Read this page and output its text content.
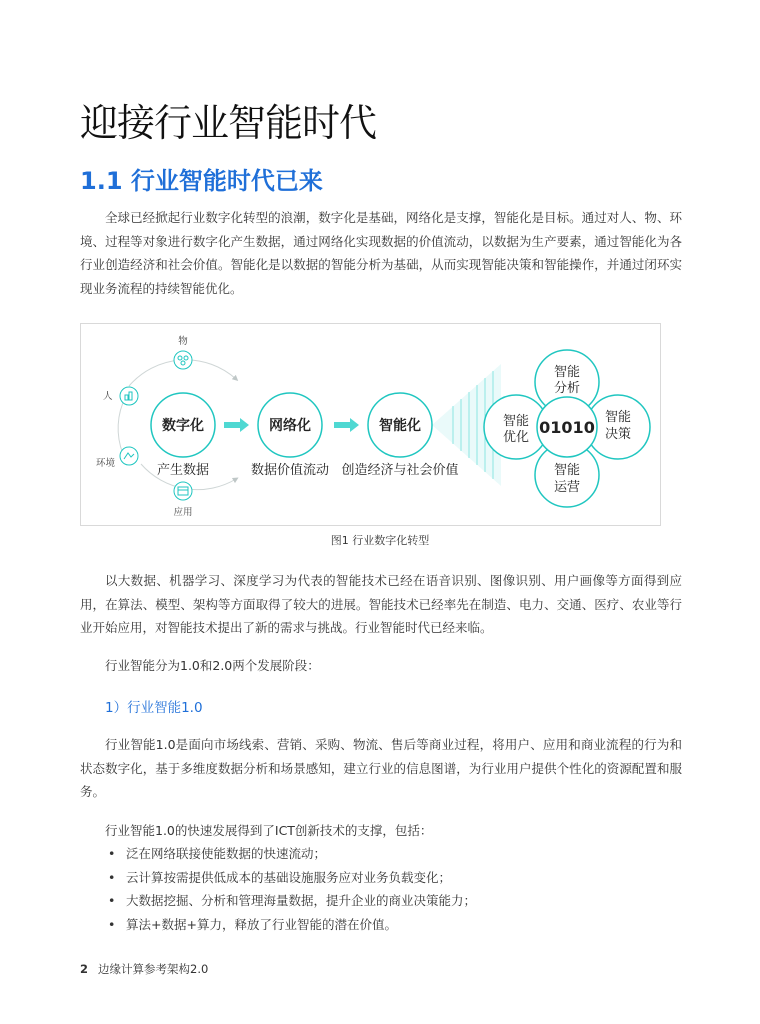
迎接行业智能时代
1.1 行业智能时代已来

全球已经掀起行业数字化转型的浪潮，数字化是基础，网络化是支撑，智能化是目标。通过对人、物、环境、过程等对象进行数字化产生数据，通过网络化实现数据的价值流动，以数据为生产要素，通过智能化为各行业创造经济和社会价值。智能化是以数据的智能分析为基础，从而实现智能决策和智能操作，并通过闭环实现业务流程的持续智能优化。

物
人
环境
应用
数字化	网络化	智能化
产生数据	数据价值流动 创造经济与社会价值
01010
智能
分析
智能
决策
智能
运营
智能
优化
图1 行业数字化转型

以大数据、机器学习、深度学习为代表的智能技术已经在语音识别、图像识别、用户画像等方面得到应用，在算法、模型、架构等方面取得了较大的进展。智能技术已经率先在制造、电力、交通、医疗、农业等行业开始应用，对智能技术提出了新的需求与挑战。行业智能时代已经来临。

行业智能分为1.0和2.0两个发展阶段：

1）行业智能1.0

行业智能1.0是面向市场线索、营销、采购、物流、售后等商业过程，将用户、应用和商业流程的行为和状态数字化，基于多维度数据分析和场景感知，建立行业的信息图谱，为行业用户提供个性化的资源配置和服务。

行业智能1.0的快速发展得到了ICT创新技术的支撑，包括：

• 泛在网络联接使能数据的快速流动；
• 云计算按需提供低成本的基础设施服务应对业务负载变化；
• 大数据挖掘、分析和管理海量数据，提升企业的商业决策能力；
• 算法+数据+算力，释放了行业智能的潜在价值。
2 边缘计算参考架构2.0
